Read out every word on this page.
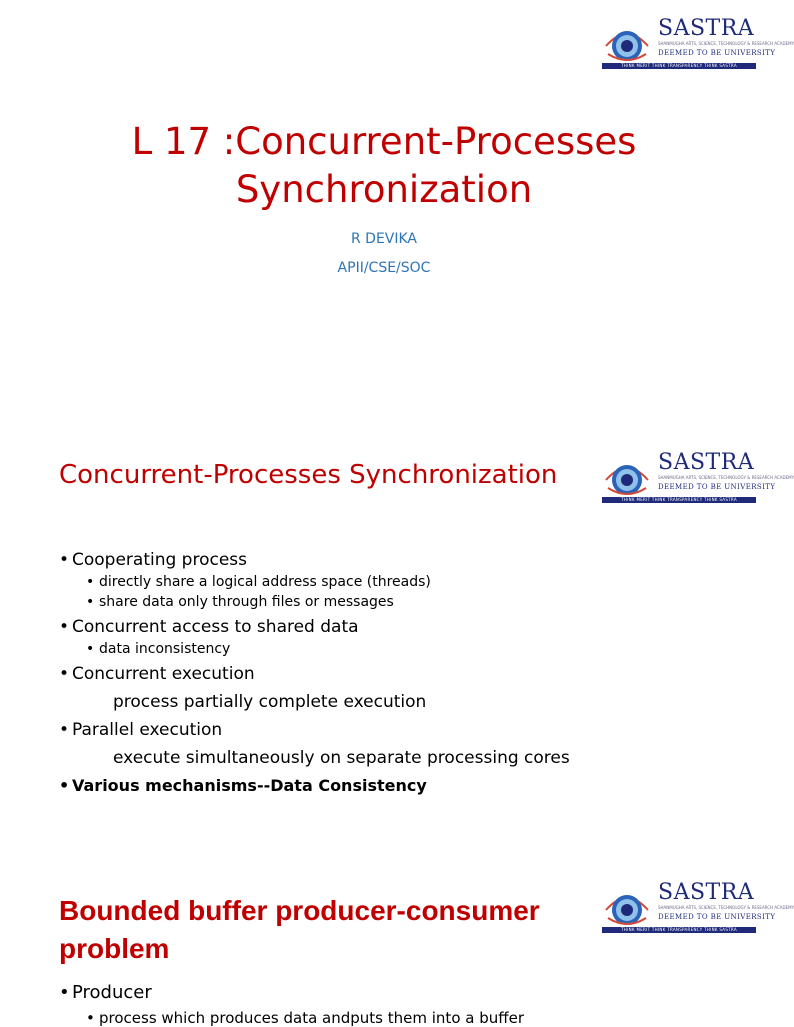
SASTRA
SHANMUGHA ARTS, SCIENCE, TECHNOLOGY & RESEARCH ACADEMY
DEEMED TO BE UNIVERSITY
THINK MERIT THINK TRANSPARENCY THINK SASTRA
L 17 :Concurrent-Processes
Synchronization

R DEVIKA

APII/CSE/SOC

SASTRA
SHANMUGHA ARTS, SCIENCE, TECHNOLOGY & RESEARCH ACADEMY
DEEMED TO BE UNIVERSITY
THINK MERIT THINK TRANSPARENCY THINK SASTRA
Concurrent-Processes Synchronization
• Cooperating process
• directly share a logical address space (threads)
• share data only through files or messages
• Concurrent access to shared data
• data inconsistency
• Concurrent execution
process partially complete execution
• Parallel execution
execute simultaneously on separate processing cores
• Various mechanisms--Data Consistency
SASTRA
SHANMUGHA ARTS, SCIENCE, TECHNOLOGY & RESEARCH ACADEMY
DEEMED TO BE UNIVERSITY
THINK MERIT THINK TRANSPARENCY THINK SASTRA
Bounded buffer producer-consumer
problem
• Producer
• process which produces data andputs them into a buffer
